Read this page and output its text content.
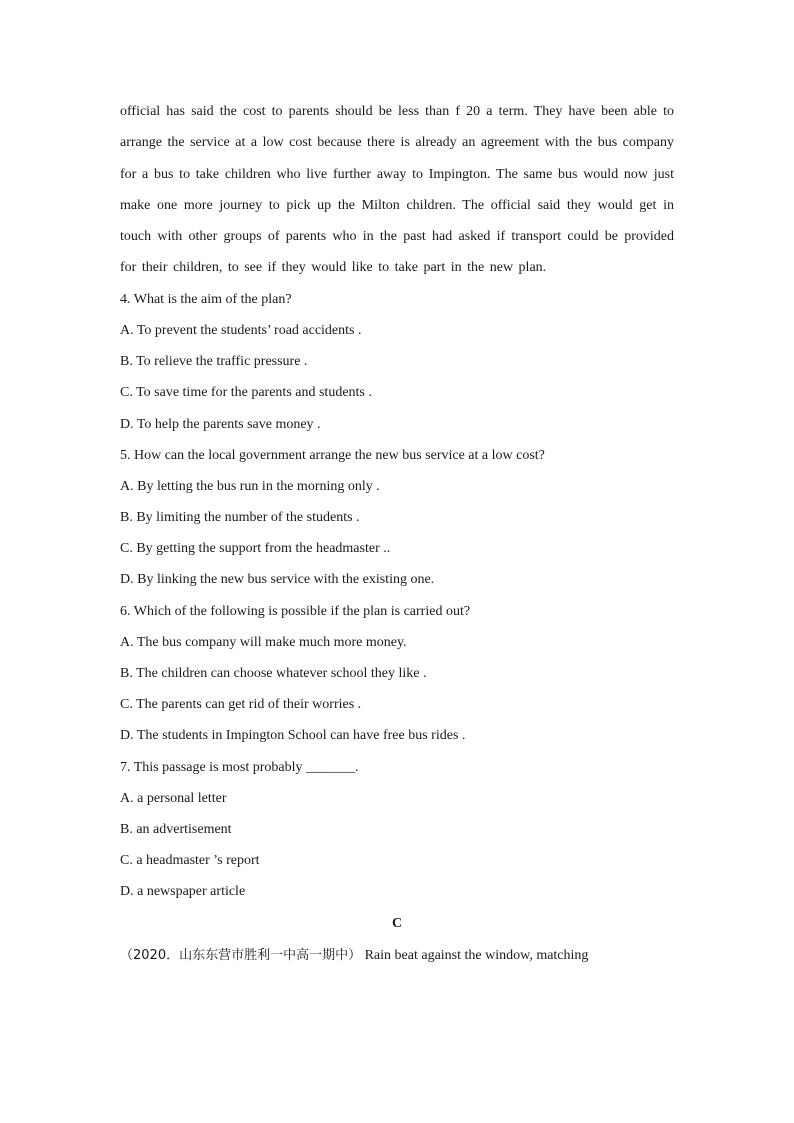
official has said the cost to parents should be less than f 20 a term. They have been able to arrange the service at a low cost because there is already an agreement with the bus company for a bus to take children who live further away to Impington. The same bus would now just make one more journey to pick up the Milton children. The official said they would get in touch with other groups of parents who in the past had asked if transport could be provided for their children, to see if they would like to take part in the new plan.

4. What is the aim of the plan?

A. To prevent the students’ road accidents .

B. To relieve the traffic pressure .

C. To save time for the parents and students .

D. To help the parents save money .

5. How can the local government arrange the new bus service at a low cost?

A. By letting the bus run in the morning only .

B. By limiting the number of the students .

C. By getting the support from the headmaster ..

D. By linking the new bus service with the existing one.

6. Which of the following is possible if the plan is carried out?

A. The bus company will make much more money.

B. The children can choose whatever school they like .

C. The parents can get rid of their worries .

D. The students in Impington School can have free bus rides .

7. This passage is most probably _______.

A. a personal letter

B. an advertisement

C. a headmaster ’s report

D. a newspaper article

C

（2020．山东东营市胜利一中高一期中） Rain beat against the window, matching
